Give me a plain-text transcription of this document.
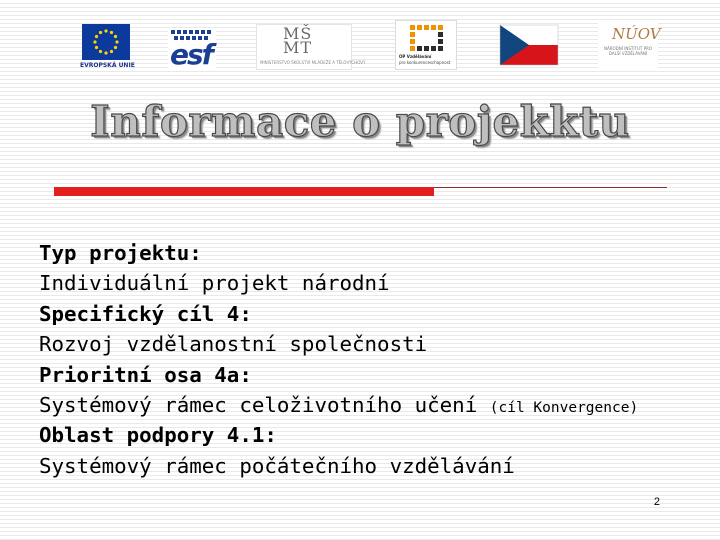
EVROPSKÁ UNIE esf
MŠ MT
MINISTERSTVO ŠKOLSTVÍ MLÁDEŽE A TĚLOVÝCHOVY
OP Vzdělávání
pro konkurenceschopnost
NÚOV
NÁRODNÍ INSTITUT PRO DALŠÍ VZDĚLÁVÁNÍ
Informace o projekktu
Typ projektu:
Individuální projekt národní
Specifický cíl 4:
Rozvoj vzdělanostní společnosti
Prioritní osa 4a:
Systémový rámec celoživotního učení (cíl Konvergence)
Oblast podpory 4.1:
Systémový rámec počátečního vzdělávání
2
